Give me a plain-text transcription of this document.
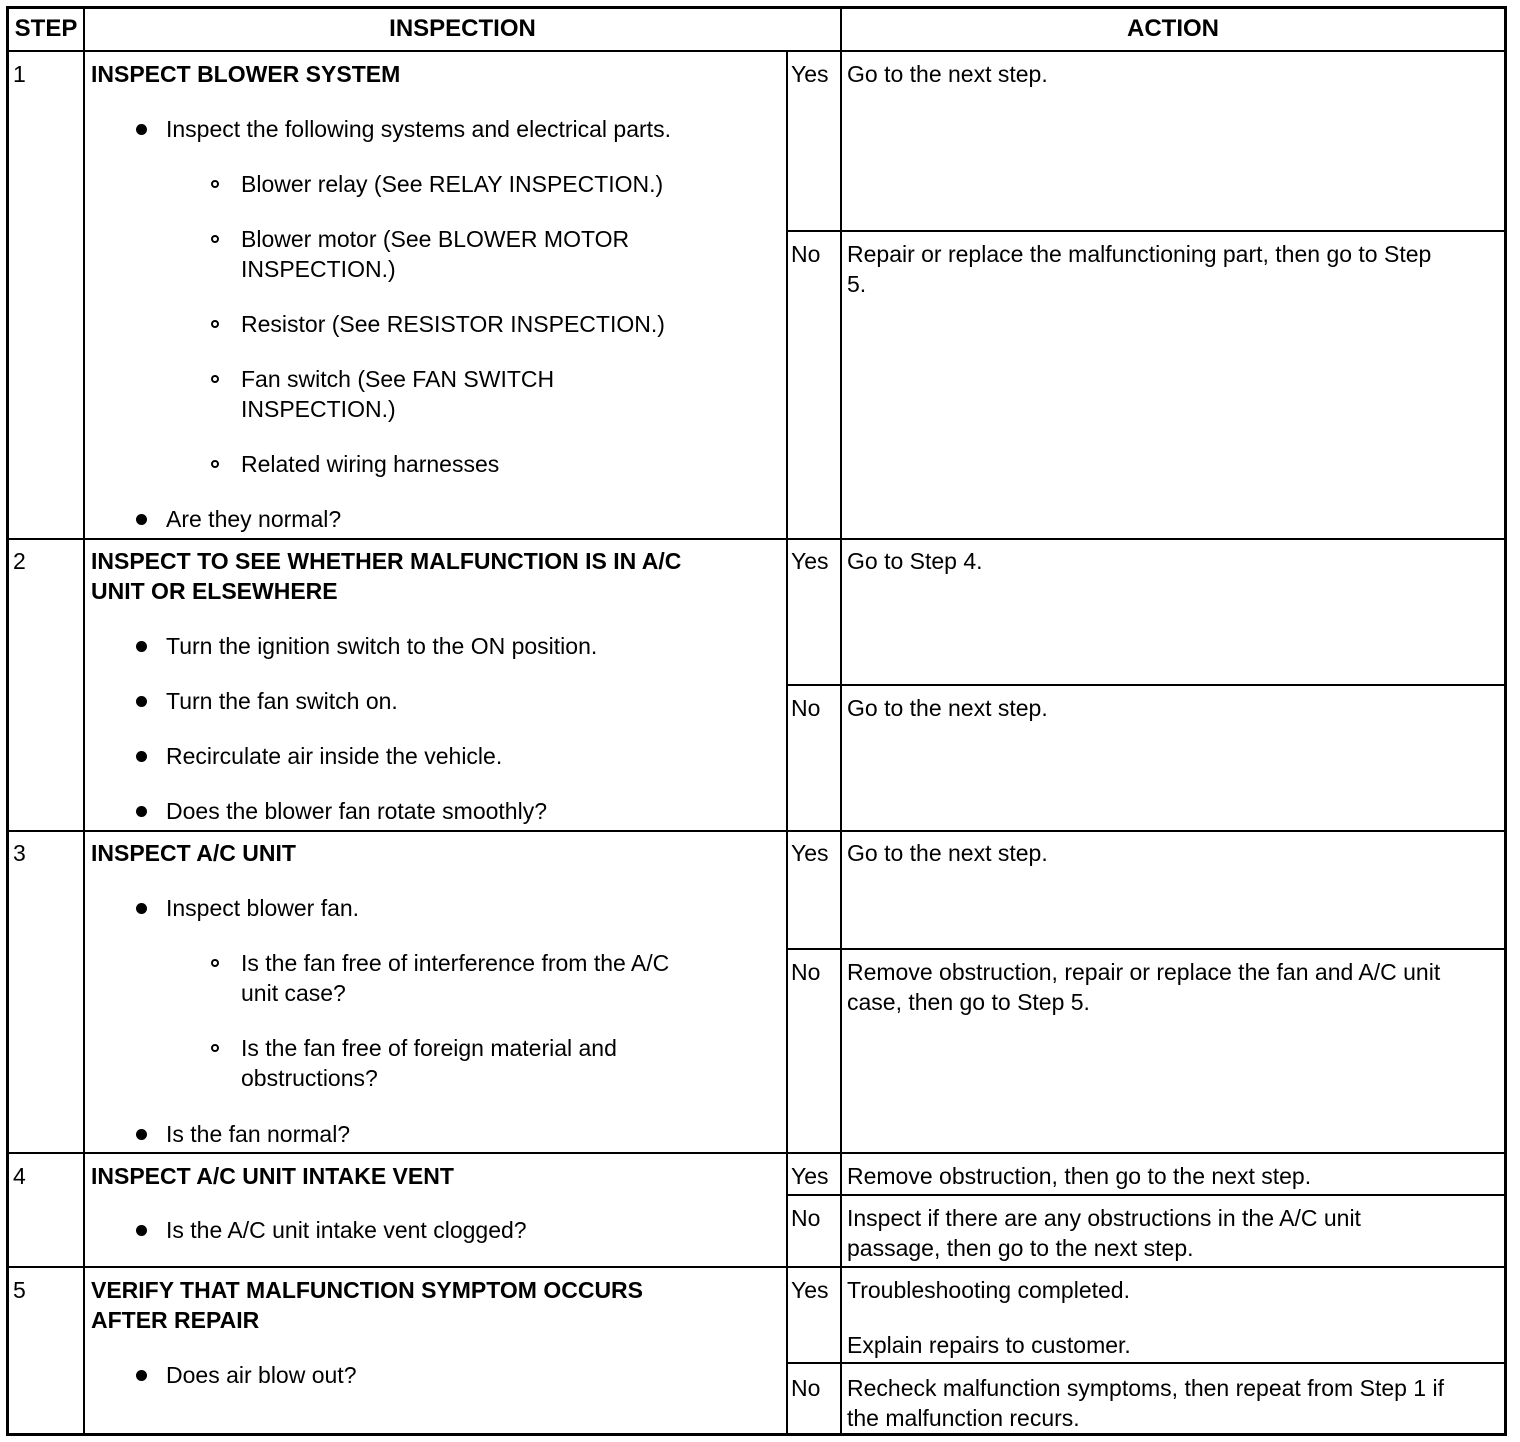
STEP	INSPECTION	ACTION
1	INSPECT BLOWER SYSTEM
Inspect the following systems and electrical parts.
Blower relay (See RELAY INSPECTION.)
Blower motor (See BLOWER MOTOR
INSPECTION.)
Resistor (See RESISTOR INSPECTION.)
Fan switch (See FAN SWITCH
INSPECTION.)
Related wiring harnesses
Are they normal?
Yes Go to the next step.
No Repair or replace the malfunctioning part, then go to Step
5.
2	INSPECT TO SEE WHETHER MALFUNCTION IS IN A/C
UNIT OR ELSEWHERE
Turn the ignition switch to the ON position.
Turn the fan switch on.
Recirculate air inside the vehicle.
Does the blower fan rotate smoothly?
Yes Go to Step 4.
No Go to the next step.
3	INSPECT A/C UNIT
Inspect blower fan.
Is the fan free of interference from the A/C
unit case?
Is the fan free of foreign material and
obstructions?
Is the fan normal?
Yes Go to the next step.
No Remove obstruction, repair or replace the fan and A/C unit
case, then go to Step 5.
4	INSPECT A/C UNIT INTAKE VENT
Is the A/C unit intake vent clogged?
Yes Remove obstruction, then go to the next step.
No Inspect if there are any obstructions in the A/C unit
passage, then go to the next step.
5	VERIFY THAT MALFUNCTION SYMPTOM OCCURS
AFTER REPAIR
Does air blow out?
Yes Troubleshooting completed.
Explain repairs to customer.
No Recheck malfunction symptoms, then repeat from Step 1 if
the malfunction recurs.
